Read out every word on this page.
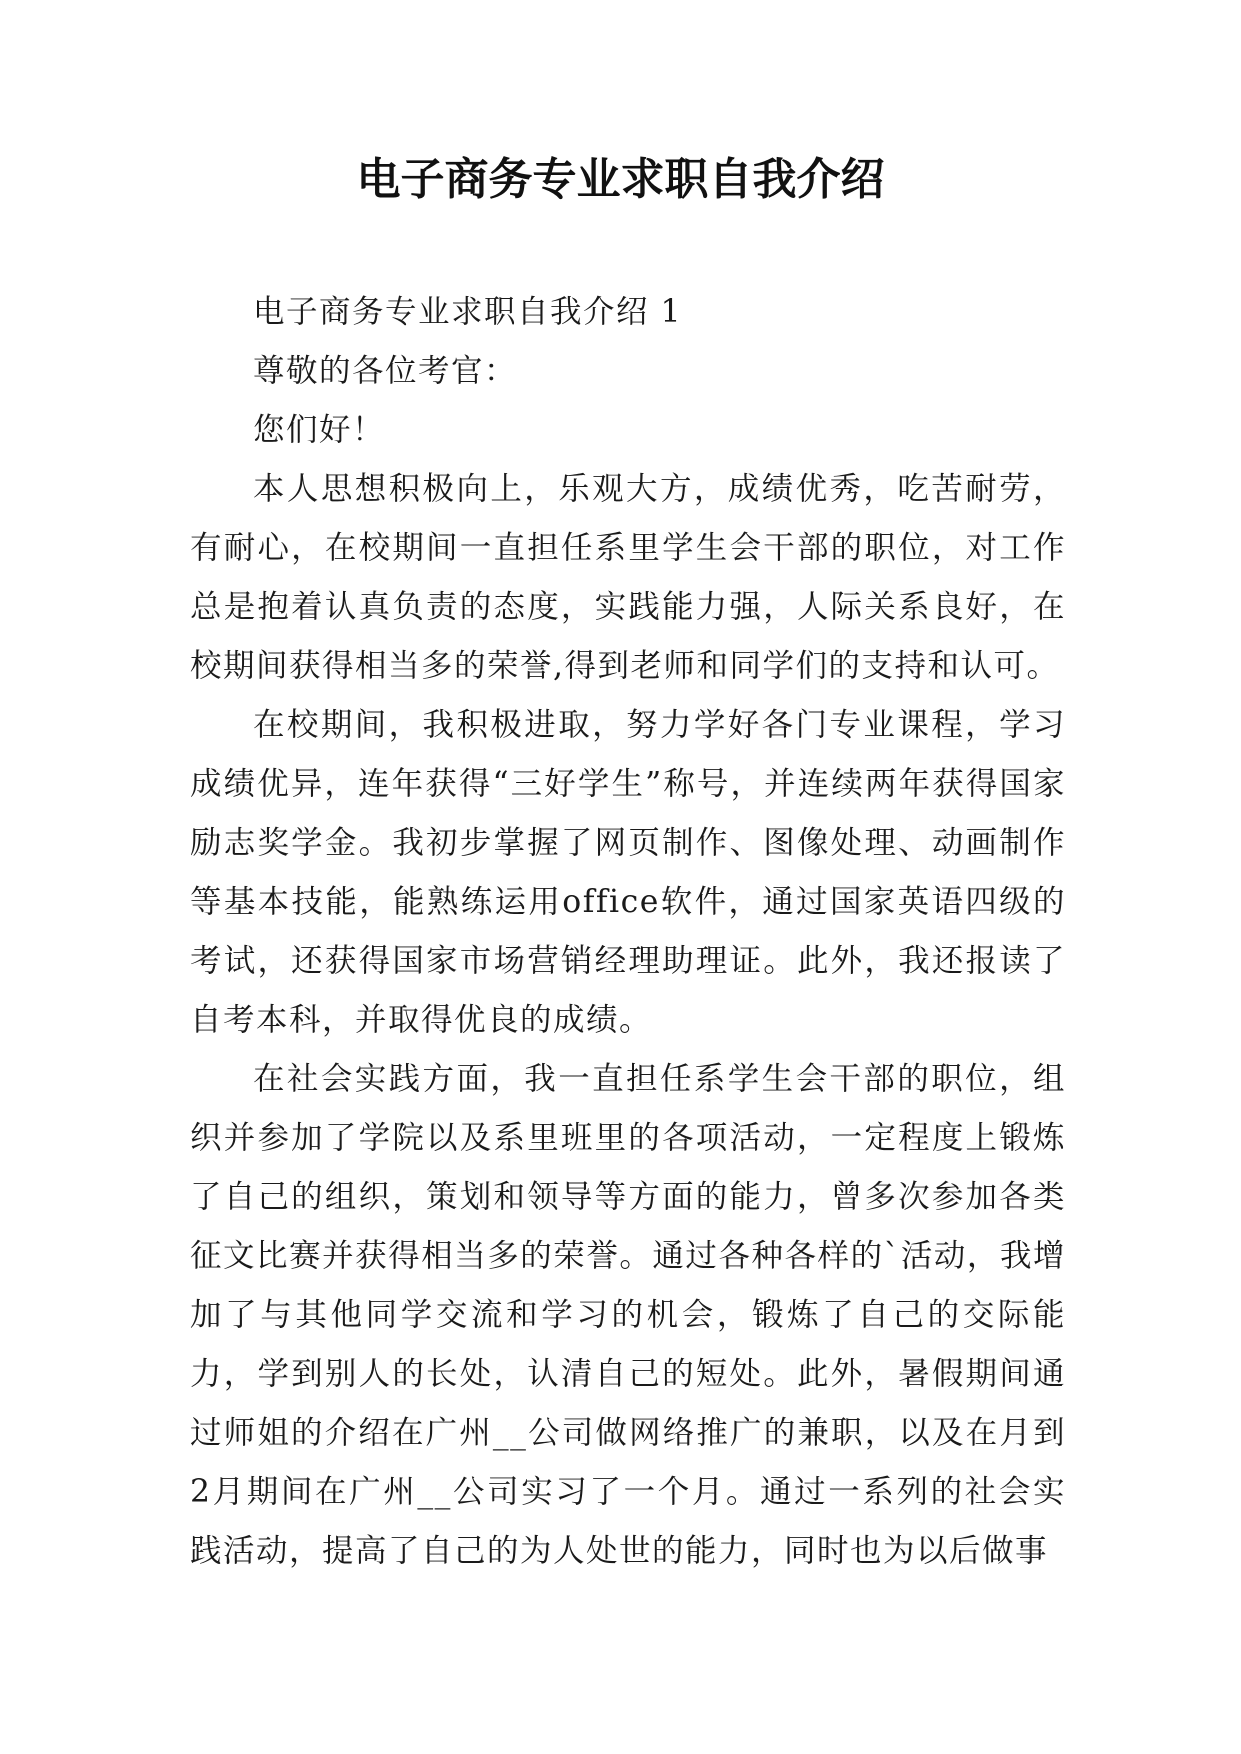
电子商务专业求职自我介绍

电子商务专业求职自我介绍 1

尊敬的各位考官：

您们好！

本人思想积极向上，乐观大方，成绩优秀，吃苦耐劳，有耐心，在校期间一直担任系里学生会干部的职位，对工作总是抱着认真负责的态度，实践能力强，人际关系良好，在校期间获得相当多的荣誉,得到老师和同学们的支持和认可。

在校期间，我积极进取，努力学好各门专业课程，学习成绩优异，连年获得“三好学生”称号，并连续两年获得国家励志奖学金。我初步掌握了网页制作、图像处理、动画制作等基本技能，能熟练运用office软件，通过国家英语四级的考试，还获得国家市场营销经理助理证。此外，我还报读了自考本科，并取得优良的成绩。

在社会实践方面，我一直担任系学生会干部的职位，组织并参加了学院以及系里班里的各项活动，一定程度上锻炼了自己的组织，策划和领导等方面的能力，曾多次参加各类征文比赛并获得相当多的荣誉。通过各种各样的`活动，我增加了与其他同学交流和学习的机会，锻炼了自己的交际能力，学到别人的长处，认清自己的短处。此外，暑假期间通过师姐的介绍在广州__公司做网络推广的兼职，以及在月到2月期间在广州__公司实习了一个月。通过一系列的社会实践活动，提高了自己的为人处世的能力，同时也为以后做事
